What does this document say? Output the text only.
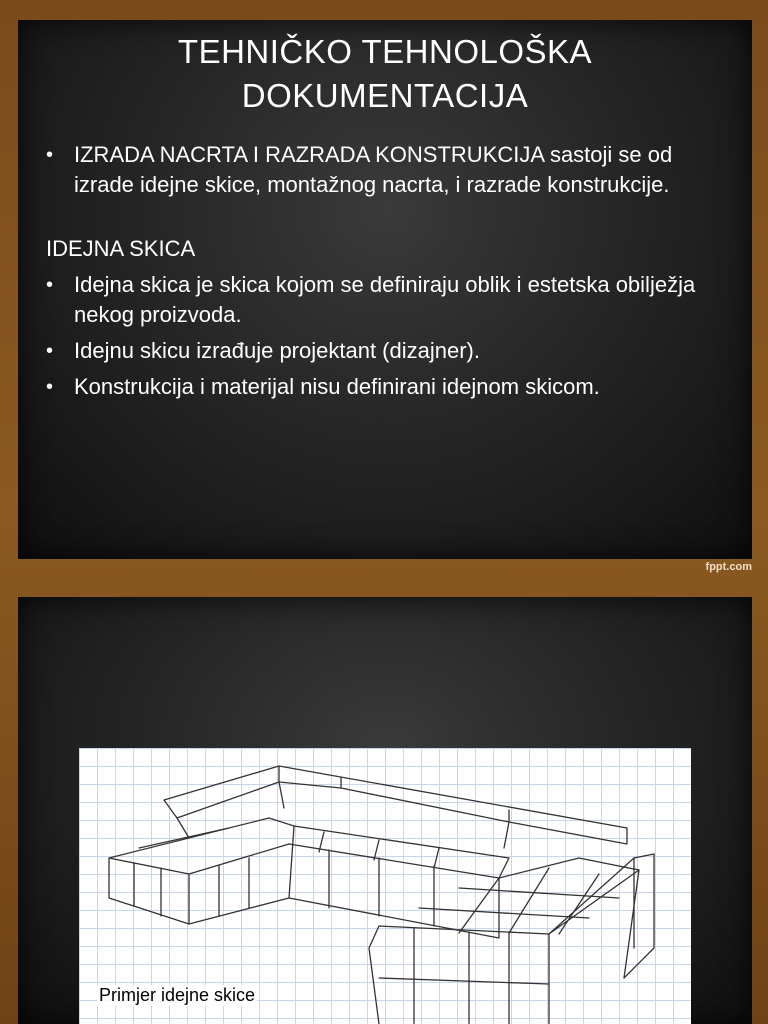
TEHNIČKO TEHNOLOŠKA
DOKUMENTACIJA
• IZRADA NACRTA I RAZRADA KONSTRUKCIJA sastoji se od izrade idejne skice, montažnog nacrta, i razrade konstrukcije.
IDEJNA SKICA
• Idejna skica je skica kojom se definiraju oblik i estetska obilježja nekog proizvoda.
• Idejnu skicu izrađuje projektant (dizajner).
• Konstrukcija i materijal nisu definirani idejnom skicom.
fppt.com
Primjer idejne skice
